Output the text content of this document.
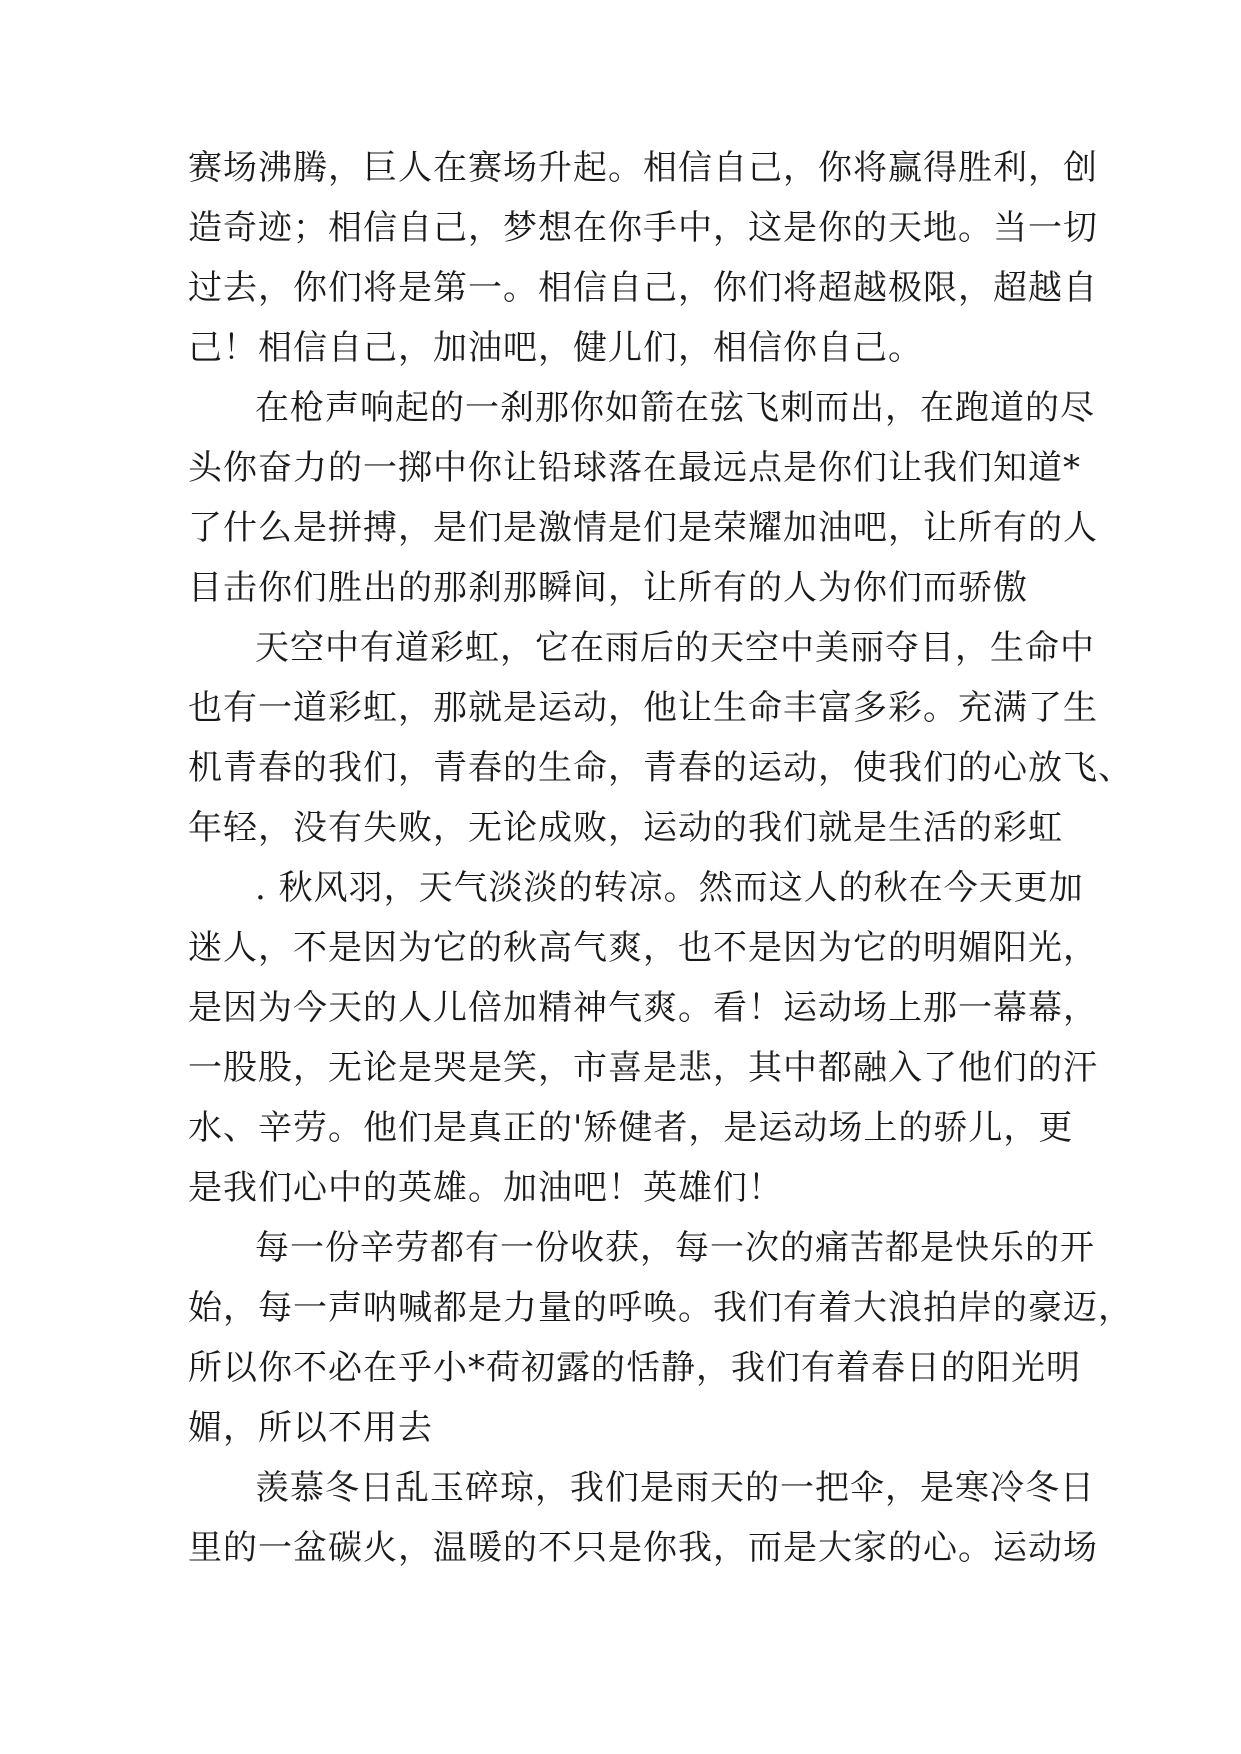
赛场沸腾，巨人在赛场升起。相信自己，你将赢得胜利，创
造奇迹；相信自己，梦想在你手中，这是你的天地。当一切
过去，你们将是第一。相信自己，你们将超越极限，超越自
己！相信自己，加油吧，健儿们，相信你自己。
在枪声响起的一刹那你如箭在弦飞刺而出，在跑道的尽
头你奋力的一掷中你让铅球落在最远点是你们让我们知道*
了什么是拼搏，是们是激情是们是荣耀加油吧，让所有的人
目击你们胜出的那刹那瞬间，让所有的人为你们而骄傲
天空中有道彩虹，它在雨后的天空中美丽夺目，生命中
也有一道彩虹，那就是运动，他让生命丰富多彩。充满了生
机青春的我们，青春的生命，青春的运动，使我们的心放飞、
年轻，没有失败，无论成败，运动的我们就是生活的彩虹
. 秋风羽，天气淡淡的转凉。然而这人的秋在今天更加
迷人，不是因为它的秋高气爽，也不是因为它的明媚阳光，
是因为今天的人儿倍加精神气爽。看！运动场上那一幕幕，
一股股，无论是哭是笑，市喜是悲，其中都融入了他们的汗
水、辛劳。他们是真正的'矫健者，是运动场上的骄儿，更
是我们心中的英雄。加油吧！英雄们！
每一份辛劳都有一份收获，每一次的痛苦都是快乐的开
始，每一声呐喊都是力量的呼唤。我们有着大浪拍岸的豪迈，
所以你不必在乎小*荷初露的恬静，我们有着春日的阳光明
媚，所以不用去
羡慕冬日乱玉碎琼，我们是雨天的一把伞，是寒冷冬日
里的一盆碳火，温暖的不只是你我，而是大家的心。运动场
